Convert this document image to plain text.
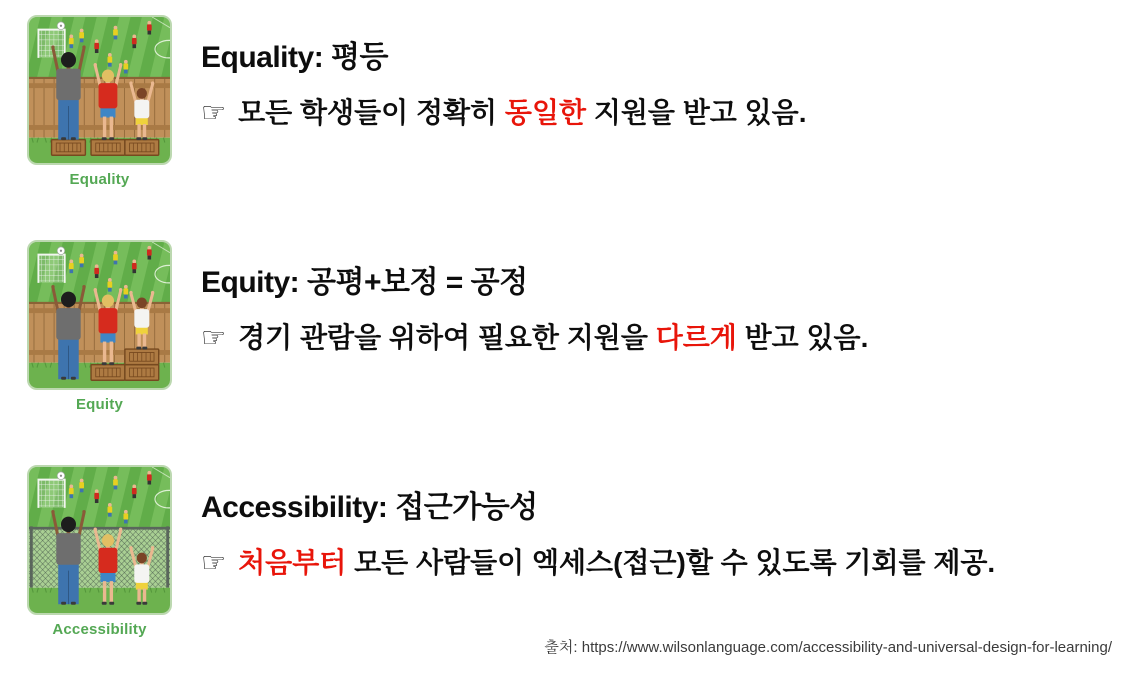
Equality
Equality: 평등
☞ 모든 학생들이 정확히 동일한 지원을 받고 있음.
Equity
Equity: 공평+보정 = 공정
☞ 경기 관람을 위하여 필요한 지원을 다르게 받고 있음.
Accessibility
Accessibility: 접근가능성
☞ 처음부터 모든 사람들이 엑세스(접근)할 수 있도록 기회를 제공.
출처: https://www.wilsonlanguage.com/accessibility-and-universal-design-for-learning/
